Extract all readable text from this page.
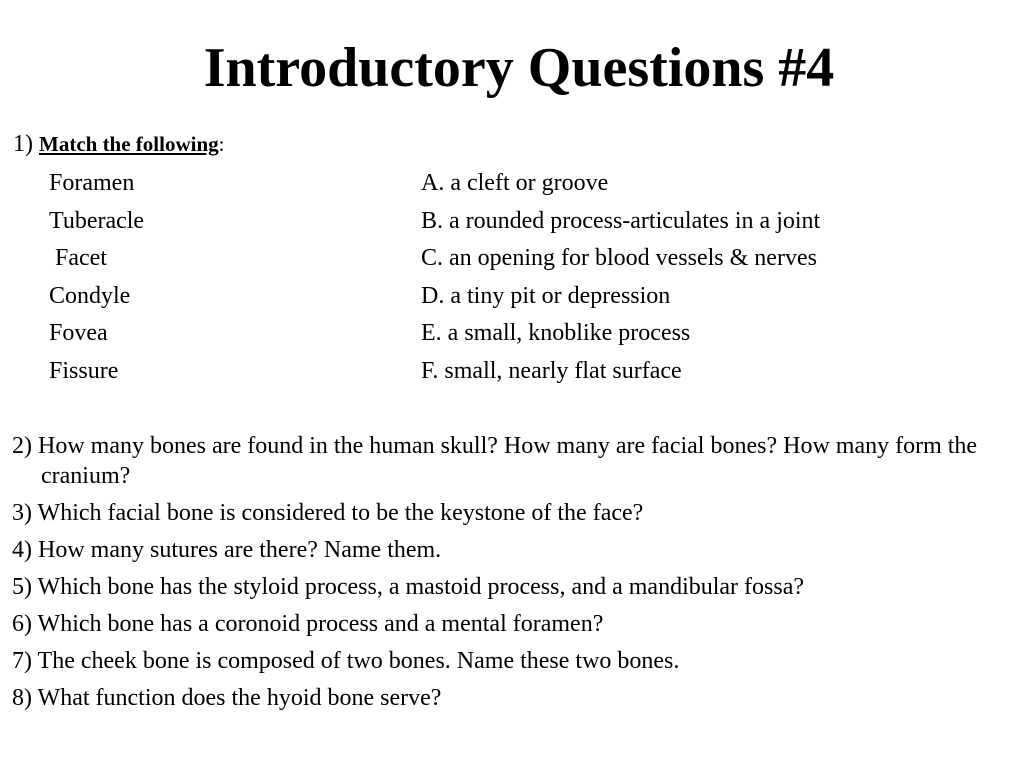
Introductory Questions #4
1) Match the following:
Foramen	A. a cleft or groove
Tuberacle	B. a rounded process-articulates in a joint
Facet	C. an opening for blood vessels & nerves
Condyle	D. a tiny pit or depression
Fovea	E. a small, knoblike process
Fissure	F. small, nearly flat surface
2) How many bones are found in the human skull? How many are facial bones? How many form the cranium?
3) Which facial bone is considered to be the keystone of the face?
4) How many sutures are there? Name them.
5) Which bone has the styloid process, a mastoid process, and a mandibular fossa?
6) Which bone has a coronoid process and a mental foramen?
7) The cheek bone is composed of two bones. Name these two bones.
8) What function does the hyoid bone serve?
